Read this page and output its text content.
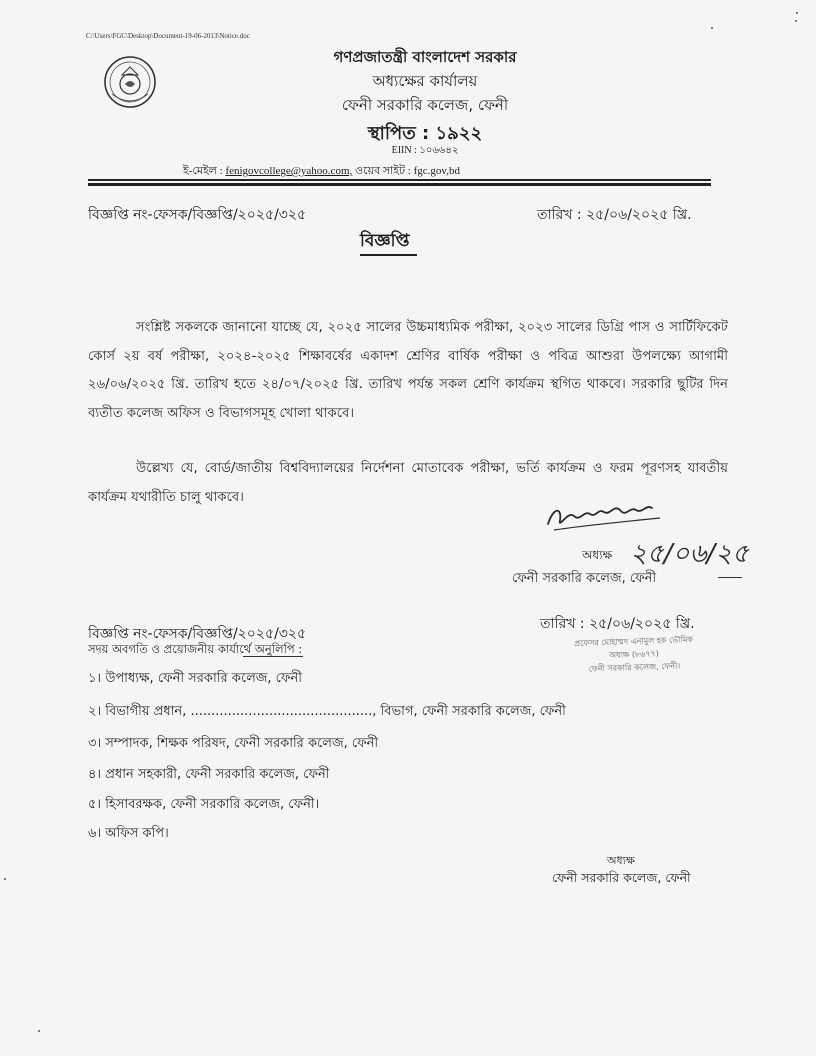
C:\Users\FGC\Desktop\Document-19-06-2013\Notice.doc
গণপ্রজাতন্ত্রী বাংলাদেশ সরকার
অধ্যক্ষের কার্যালয়
ফেনী সরকারি কলেজ, ফেনী
স্থাপিত : ১৯২২
EIIN : ১০৬৬৪২
ই-মেইল : fenigovcollege@yahoo.com, ওয়েব সাইট : fgc.gov,bd
বিজ্ঞপ্তি নং-ফেসক/বিজ্ঞপ্তি/২০২৫/৩২৫	তারিখ : ২৫/০৬/২০২৫ খ্রি.
বিজ্ঞপ্তি
সংশ্লিষ্ট সকলকে জানানো যাচ্ছে যে, ২০২৫ সালের উচ্চমাধ্যমিক পরীক্ষা, ২০২৩ সালের ডিগ্রি পাস ও সার্টিফিকেট কোর্স ২য় বর্ষ পরীক্ষা, ২০২৪-২০২৫ শিক্ষাবর্ষের একাদশ শ্রেণির বার্ষিক পরীক্ষা ও পবিত্র আশুরা উপলক্ষ্যে আগামী ২৬/০৬/২০২৫ খ্রি. তারিখ হতে ২৪/০৭/২০২৫ খ্রি. তারিখ পর্যন্ত সকল শ্রেণি কার্যক্রম স্থগিত থাকবে। সরকারি ছুটির দিন ব্যতীত কলেজ অফিস ও বিভাগসমূহ খোলা থাকবে।
উল্লেখ্য যে, বোর্ড/জাতীয় বিশ্ববিদ্যালয়ের নির্দেশনা মোতাবেক পরীক্ষা, ভর্তি কার্যক্রম ও ফরম পূরণসহ যাবতীয় কার্যক্রম যথারীতি চালু থাকবে।
অধ্যক্ষ ২৫/০৬/২৫
ফেনী সরকারি কলেজ, ফেনী
বিজ্ঞপ্তি নং-ফেসক/বিজ্ঞপ্তি/২০২৫/৩২৫
তারিখ : ২৫/০৬/২০২৫ খ্রি.
প্রফেসর মোহাম্মদ এনামুল হক ভৌমিক
অধ্যক্ষ (৮৬৭৭)
ফেনী সরকারি কলেজ, ফেনী।
সদয় অবগতি ও প্রয়োজনীয় কার্যার্থে অনুলিপি :
১। উপাধ্যক্ষ, ফেনী সরকারি কলেজ, ফেনী
২। বিভাগীয় প্রধান, ............................................, বিভাগ, ফেনী সরকারি কলেজ, ফেনী
৩। সম্পাদক, শিক্ষক পরিষদ, ফেনী সরকারি কলেজ, ফেনী
৪। প্রধান সহকারী, ফেনী সরকারি কলেজ, ফেনী
৫। হিসাবরক্ষক, ফেনী সরকারি কলেজ, ফেনী।
৬। অফিস কপি।
অধ্যক্ষ
ফেনী সরকারি কলেজ, ফেনী
